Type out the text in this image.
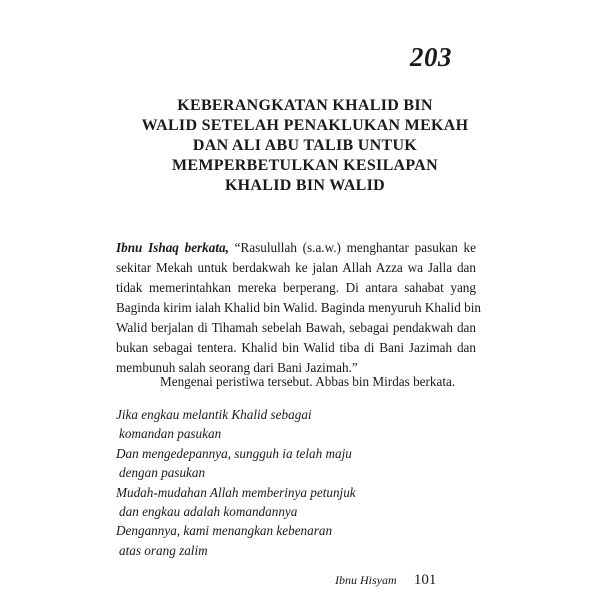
203
KEBERANGKATAN KHALID BIN
WALID SETELAH PENAKLUKAN MEKAH
DAN ALI ABU TALIB UNTUK
MEMPERBETULKAN KESILAPAN
KHALID BIN WALID
Ibnu Ishaq berkata, “Rasulullah (s.a.w.) menghantar pasukan ke
sekitar Mekah untuk berdakwah ke jalan Allah Azza wa Jalla dan
tidak memerintahkan mereka berperang. Di antara sahabat yang
Baginda kirim ialah Khalid bin Walid. Baginda menyuruh Khalid bin
Walid berjalan di Tihamah sebelah Bawah, sebagai pendakwah dan
bukan sebagai tentera. Khalid bin Walid tiba di Bani Jazimah dan
membunuh salah seorang dari Bani Jazimah.”
Mengenai peristiwa tersebut. Abbas bin Mirdas berkata.
Jika engkau melantik Khalid sebagai
komandan pasukan
Dan mengedepannya, sungguh ia telah maju
dengan pasukan
Mudah-mudahan Allah memberinya petunjuk
dan engkau adalah komandannya
Dengannya, kami menangkan kebenaran
atas orang zalim
Ibnu Hisyam 101
